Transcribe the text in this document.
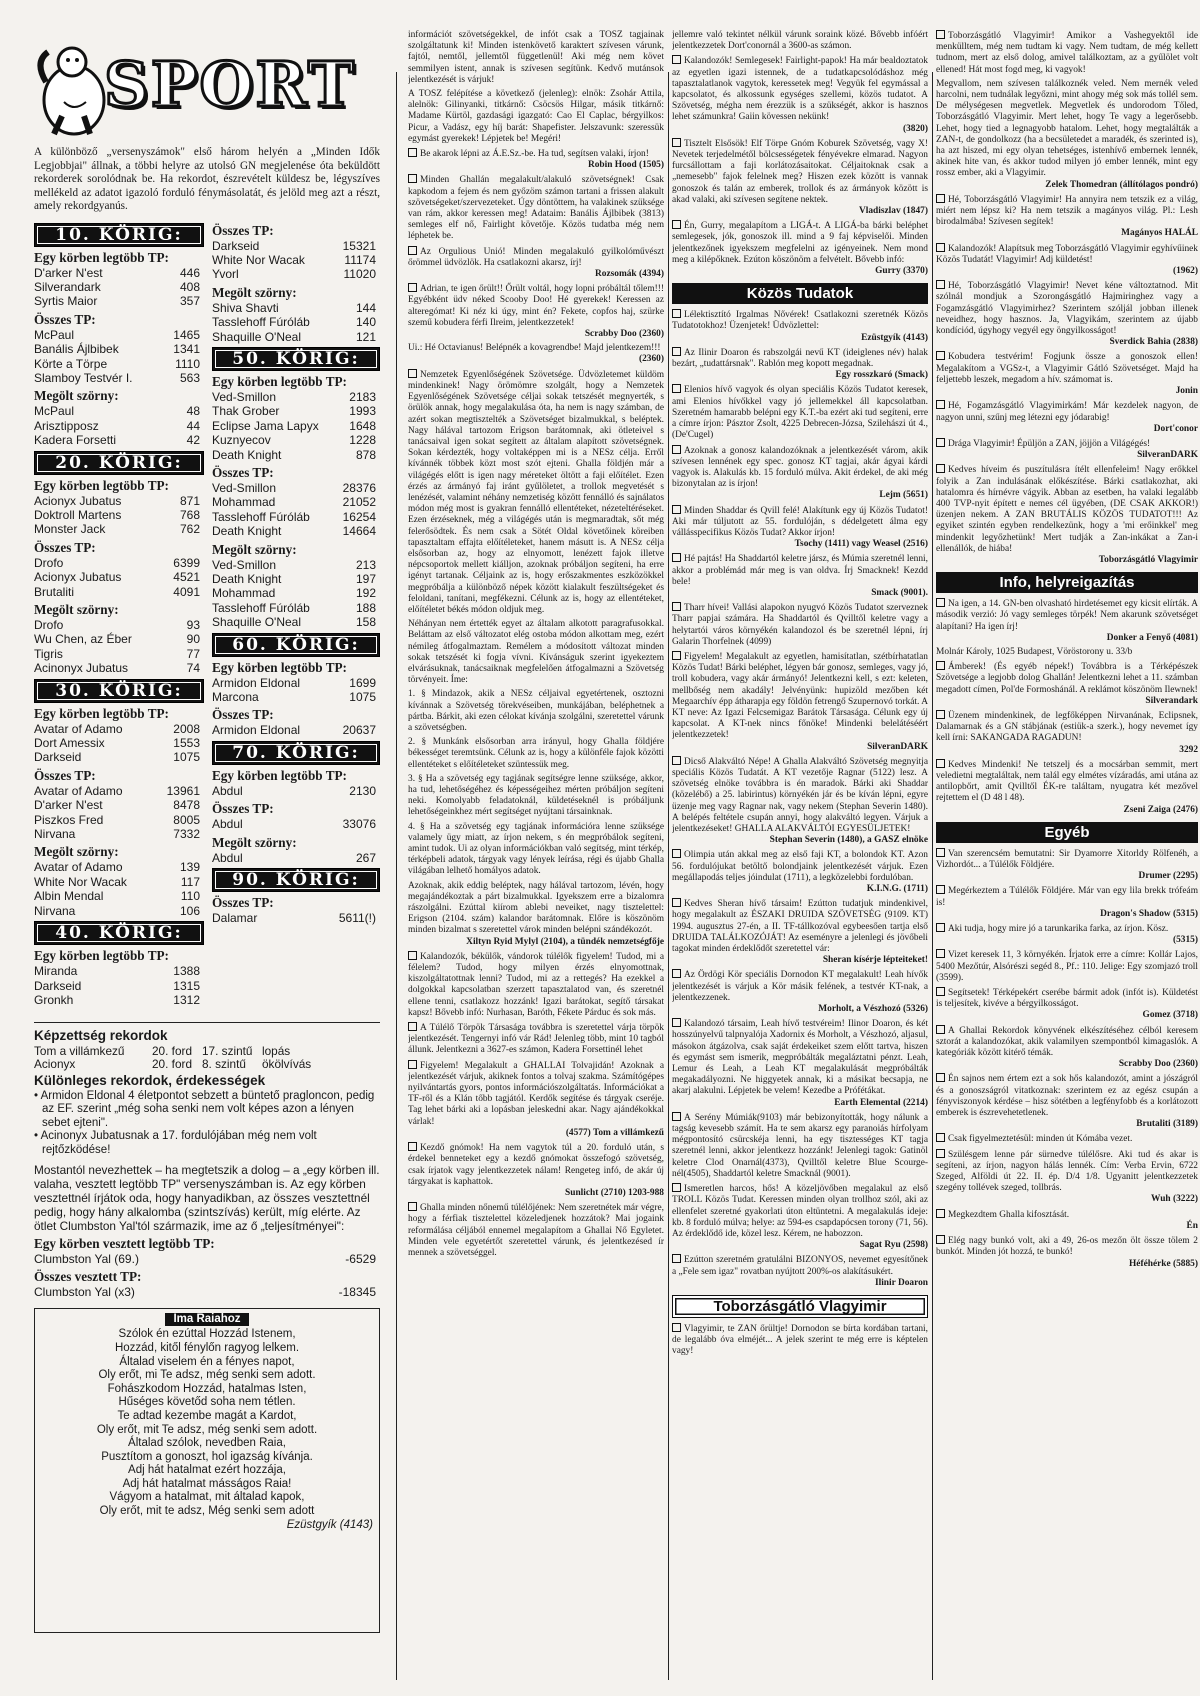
SPORT
A különböző „versenyszámok" első három helyén a „Minden Idők Legjobbjai" állnak, a többi helyre az utolsó GN megjelenése óta beküldött rekorderek sorolódnak be. Ha rekordot, észrevételt küldesz be, légyszíves mellékeld az adatot igazoló forduló fénymásolatát, és jelöld meg azt a részt, amely rekordgyanús.
10. KÖRIG:
Egy körben legtöbb TP:
D'arker N'est	446
Silverandark	408
Syrtis Maior	357
Összes TP:
McPaul	1465
Banális Ájlbibek	1341
Körte a Törpe	1110
Slamboy Testvér I.	563
Megölt szörny:
McPaul	48
Arisztipposz	44
Kadera Forsetti	42
20. KÖRIG:
Egy körben legtöbb TP:
Acionyx Jubatus	871
Doktroll Martens	768
Monster Jack	762
Összes TP:
Drofo	6399
Acionyx Jubatus	4521
Brutaliti	4091
Megölt szörny:
Drofo	93
Wu Chen, az Éber	90
Tigris	77
Acinonyx Jubatus	74
30. KÖRIG:
Egy körben legtöbb TP:
Avatar of Adamo	2008
Dort Amessix	1553
Darkseid	1075
Összes TP:
Avatar of Adamo	13961
D'arker N'est	8478
Piszkos Fred	8005
Nirvana	7332
Megölt szörny:
Avatar of Adamo	139
White Nor Wacak	117
Albin Mendal	110
Nirvana	106
40. KÖRIG:
Egy körben legtöbb TP:
Miranda	1388
Darkseid	1315
Gronkh	1312
Összes TP:
Darkseid	15321
White Nor Wacak	11174
Yvorl	11020
Megölt szörny:
Shiva Shavti	144
Tasslehoff Fúróláb	140
Shaquille O'Neal	121
50. KÖRIG:
Egy körben legtöbb TP:
Ved-Smillon	2183
Thak Grober	1993
Eclipse Jama Lapyx	1648
Kuznyecov	1228
Death Knight	878
Összes TP:
Ved-Smillon	28376
Mohammad	21052
Tasslehoff Fúróláb	16254
Death Knight	14664
Megölt szörny:
Ved-Smillon	213
Death Knight	197
Mohammad	192
Tasslehoff Fúróláb	188
Shaquille O'Neal	158
60. KÖRIG:
Egy körben legtöbb TP:
Armidon Eldonal	1699
Marcona	1075
Összes TP:
Armidon Eldonal	20637
70. KÖRIG:
Egy körben legtöbb TP:
Abdul	2130
Összes TP:
Abdul	33076
Megölt szörny:
Abdul	267
90. KÖRIG:
Összes TP:
Dalamar	5611(!)
Képzettség rekordok
Tom a villámkezű	20. ford 17. szintű lopás
Acionyx	20. ford 8. szintű	ökölvívás
Különleges rekordok, érdekességek
• Armidon Eldonal 4 életpontot sebzett a büntető pragloncon, pedig az EF. szerint „még soha senki nem volt képes azon a lényen sebet ejteni".
• Acinonyx Jubatusnak a 17. fordulójában még nem volt rejtőzködése!
Mostantól nevezhettek – ha megtetszik a dolog – a „egy körben ill. valaha, vesztett legtöbb TP" versenyszámban is. Az egy körben vesztettnél írjátok oda, hogy hanyadikban, az összes vesztettnél pedig, hogy hány alkalomba (szintszívás) került, míg elérte. Az ötlet Clumbston Yal'tól származik, ime az ő „teljesítményei":
Egy körben vesztett legtöbb TP:
Clumbston Yal (69.)	-6529
Összes vesztett TP:
Clumbston Yal (x3)	-18345
Ima Raiahoz
Szólok én ezúttal Hozzád Istenem,
Hozzád, kitől fénylőn ragyog lelkem.
Általad viselem én a fényes napot,
Oly erőt, mi Te adsz, még senki sem adott.
Fohászkodom Hozzád, hatalmas Isten,
Hűséges követőd soha nem tétlen.
Te adtad kezembe magát a Kardot,
Oly erőt, mit Te adsz, még senki sem adott.
Általad szólok, nevedben Raia,
Pusztítom a gonoszt, hol igazság kívánja.
Adj hát hatalmat ezért hozzája,
Adj hát hatalmat másságos Raia!
Vágyom a hatalmat, mit általad kapok,
Oly erőt, mit te adsz, Még senki sem adott
Ezüstgyík (4143)

információt szövetségekkel, de infót csak a TOSZ tagjainak szolgáltatunk ki! Minden istenkövető karaktert szívesen várunk, fajtól, nemtől, jellemtől függetlenül! Aki még nem követ semmilyen istent, annak is szívesen segítünk. Kedvő mutánsok jelentkezését is várjuk!

A TOSZ felépítése a következő (jelenleg): elnök: Zsohár Attila, alelnök: Gilinyanki, titkárnő: Csöcsös Hilgar, másik titkárnő: Madame Kürtöl, gazdasági igazgató: Cao El Caplac, bérgyilkos: Picur, a Vadász, egy híj barát: Shapefister. Jelszavunk: szeressük egymást gyerekek! Lépjetek be! Megéri!

Be akarok lépni az Á.E.Sz.-be. Ha tud, segítsen valaki, írjon!
Robin Hood (1505)

Minden Ghallán megalakult/alakuló szövetségnek! Csak kapkodom a fejem és nem győzöm számon tartani a frissen alakult szövetségeket/szervezeteket. Úgy döntöttem, ha valakinek szüksége van rám, akkor keressen meg! Adataim: Banális Ájlbibek (3813) semleges elf nő, Fairlight követője. Közös tudatba még nem léphetek be.

Az Orgulious Unió! Minden megalakuló gyilkolóművészt őrömmel üdvözlök. Ha csatlakozni akarsz, írj!
Rozsomák (4394)

Adrian, te igen őrült!! Őrült voltál, hogy lopni próbáltál tőlem!!! Egyébként üdv néked Scooby Doo! Hé gyerekek! Keressen az alteregómat! Ki néz ki úgy, mint én? Fekete, copfos haj, szürke szemű kobudera férfi Ilreim, jelentkezzetek!
Scrabby Doo (2360)

Ui.: Hé Octavianus! Belépnék a kovagrendbe! Majd jelentkezem!!!
(2360)

Nemzetek Egyenlőségének Szövetsége. Üdvözletemet küldöm mindenkinek! Nagy örömömre szolgált, hogy a Nemzetek Egyenlőségének Szövetsége céljai sokak tetszését megnyerték, s örülök annak, hogy megalakulása óta, ha nem is nagy számban, de azért sokan megtisztelték a Szövetséget bizalmukkal, s beléptek. Nagy hálával tartozom Erigson barátomnak, aki ötleteivel s tanácsaival igen sokat segített az általam alapított szövetségnek. Sokan kérdezték, hogy voltaképpen mi is a NESz célja. Erről kívánnék többek közt most szót ejteni. Ghalla földjén már a világégés előtt is igen nagy méreteket öltött a faji előítélet. Ezen érzés az ármányó faj iránt gyűlöletet, a trollok megvetését s lenézését, valamint néhány nemzetiség között fennálló és sajnálatos módon még most is gyakran fennálló ellentéteket, nézeteltéréseket. Ezen érzéseknek, még a világégés után is megmaradtak, sőt még felerősödtek. És nem csak a Sötét Oldal követőinek köreiben tapasztaltam effajta előítéleteket, hanem másutt is. A NESz célja elsősorban az, hogy az elnyomott, lenézett fajok illetve népcsoportok mellett kiálljon, azoknak próbáljon segíteni, ha erre igényt tartanak. Céljaink az is, hogy erőszakmentes eszközökkel megpróbálja a különböző népek között kialakult feszültségeket és feloldani, tanítani, megfékezni. Célunk az is, hogy az ellentéteket, előítéletet békés módon oldjuk meg.

Néhányan nem értették egyet az általam alkotott paragrafusokkal. Beláttam az első változatot elég ostoba módon alkottam meg, ezért némileg átfogalmaztam. Remélem a módosított változat minden sokak tetszését ki fogja vívni. Kívánságuk szerint igyekeztem elvárásuknak, tanácsaiknak megfelelően átfogalmazni a Szövetség törvényeit. Íme:

1. § Mindazok, akik a NESz céljaival egyetértenek, osztozni kívánnak a Szövetség törekvéseiben, munkájában, beléphetnek a pártba. Bárkit, aki ezen célokat kívánja szolgálni, szeretettel várunk a szövetségben.

2. § Munkánk elsősorban arra irányul, hogy Ghalla földjére békességet teremtsünk. Célunk az is, hogy a különféle fajok közötti ellentéteket s előítéleteket szüntessük meg.

3. § Ha a szövetség egy tagjának segítségre lenne szüksége, akkor, ha tud, lehetőségéhez és képességeihez mérten próbáljon segíteni neki. Komolyabb feladatoknál, küldetéseknél is próbáljunk lehetőségeinkhez mért segítséget nyújtani társainknak.

4. § Ha a szövetség egy tagjának információra lenne szüksége valamely ügy miatt, az írjon nekem, s én megpróbálok segíteni, amint tudok. Ui az olyan információkban való segítség, mint térkép, térképbeli adatok, tárgyak vagy lények leírása, régi és újabb Ghalla világában lelhető homályos adatok.

Azoknak, akik eddig beléptek, nagy hálával tartozom, lévén, hogy megajándékoztak a párt bizalmukkal. Igyekszem erre a bizalomra rászolgálni. Ezúttal kiírom ablebi neveiket, nagy tisztelettel: Erigson (2104. szám) kalandor barátomnak. Előre is köszönöm minden bizalmat s szeretettel várok minden belépni szándékozót.
Xiltyn Ryid Mylyl (2104), a tündék nemzetségfője

Kalandozók, békülők, vándorok túlélők figyelem! Tudod, mi a félelem? Tudod, hogy milyen érzés elnyomottnak, kiszolgáltatottnak lenni? Tudod, mi az a rettegés? Ha ezekkel a dolgokkal kapcsolatban szerzett tapasztalatod van, és szeretnél ellene tenni, csatlakozz hozzánk! Igazi barátokat, segítő társakat kapsz! Bővebb infó: Nurhasan, Baróth, Fékete Párduc és sok más.

A Túlélő Törpök Társasága továbbra is szeretettel várja törpök jelentkezését. Tengernyi infó vár Rád! Jelenleg több, mint 10 tagból állunk. Jelentkezni a 3627-es számon, Kadera Forsettinél lehet

Figyelem! Megalakult a GHALLAI Tolvajidán! Azoknak a jelentkezését várjuk, akiknek fontos a tolvaj szakma. Számítógépes nyilvántartás gyors, pontos információszolgáltatás. Információkat a TF-ről és a Klán tőbb tagjától. Kerdők segítése és tárgyak cseréje. Tag lehet bárki aki a lopásban jeleskedni akar. Nagy ajándékokkal várlak!
(4577) Tom a villámkezű

Kezdő gnómok! Ha nem vagytok túl a 20. forduló után, s érdekel benneteket egy a kezdő gnómokat összefogó szövetség, csak írjatok vagy jelentkezzetek nálam! Rengeteg infó, de akár új tárgyakat is kaphattok.
Sunlicht (2710) 1203-988

Ghalla minden nőnemű túlélőjének: Nem szeretnétek már végre, hogy a férfiak tisztelettel közeledjenek hozzátok? Mai jogaink reformálása céljából ennemel megalapítom a Ghallai Nő Egyletet. Minden vele egyetértőt szeretettel várunk, és jelentkezésed ír mennek a szövetséggel.

jellemre való tekintet nélkül várunk soraink közé. Bővebb infóért jelentkezzetek Dort'conornál a 3600-as számon.

Kalandozók! Semlegesek! Fairlight-papok! Ha már bealdoztatok az egyetlen igazi istennek, de a tudatkapcsolódáshoz még tapasztalatlanok vagytok, keressetek meg! Vegyük fel egymással a kapcsolatot, és alkossunk egységes szellemi, közös tudatot. A Szövetség, mégha nem érezzük is a szükségét, akkor is hasznos lehet számunkra! Gaiin kövessen nekünk!
(3820)

Tisztelt Elsősök! Elf Törpe Gnóm Koburek Szövetség, vagy X! Nevetek terjedelmétől bölcsességetek fényévekre elmarad. Nagyon furcsállottam a faji korlátozásaitokat. Céljaitoknak csak a „nemesebb" fajok felelnek meg? Hiszen ezek között is vannak gonoszok és talán az emberek, trollok és az ármányok között is akad valaki, aki szívesen segítene nektek.
Vladiszlav (1847)

Én, Gurry, megalapítom a LIGÁ-t. A LIGÁ-ba bárki beléphet semlegesek, jók, gonoszok ill. mind a 9 faj képviselői. Minden jelentkezőnek igyekszem megfelelni az igényeinek. Nem mond meg a kilépőknek. Ezúton köszönöm a felvételt. Bővebb infó:
Gurry (3370)

Közös Tudatok

Lélektisztító Irgalmas Nővérek! Csatlakozni szeretnék Közös Tudatotokhoz! Üzenjetek! Üdvözlettel:
Ezüstgyík (4143)

Az Ilinir Doaron és rabszolgái nevű KT (ideiglenes név) halak bezárt, „tudattársnak". Rablón meg kopott megadnak.
Egy rosszkaró (Smack)

Elenios hívő vagyok és olyan speciális Közös Tudatot keresek, ami Elenios hívőkkel vagy jó jellemekkel áll kapcsolatban. Szeretném hamarabb belépni egy K.T.-ba ezért aki tud segíteni, erre a címre írjon: Pásztor Zsolt, 4225 Debrecen-Józsa, Szilehászi út 4., (De'Cugel)

Azoknak a gonosz kalandozóknak a jelentkezését várom, akik szívesen lennének egy spec. gonosz KT tagjai, akár ágyai kárdi vagyok is. Alakulás kb. 15 forduló múlva. Akit érdekel, de aki még bizonytalan az is írjon!
Lejm (5651)

Minden Shaddar és Qvill felé! Alakítunk egy új Közös Tudatot! Aki már túljutott az 55. fordulóján, s dédelgetett álma egy vállásspecifikus Közös Tudat? Akkor írjon!
Tsochy (1411) vagy Weasel (2516)

Hé pajtás! Ha Shaddartól keletre jársz, és Múmia szeretnél lenni, akkor a problémád már meg is van oldva. Írj Smacknek! Kezdd bele!
Smack (9001).

Tharr hívei! Vallási alapokon nyugvó Közös Tudatot szerveznek Tharr papjai számára. Ha Shaddartól és Qvilltől keletre vagy a helytartói város környékén kalandozol és be szeretnél lépni, írj Galarin Thorfelnek (4099)

Figyelem! Megalakult az egyetlen, hamisítatlan, szétbírhatatlan Közös Tudat! Bárki beléphet, légyen bár gonosz, semleges, vagy jó, troll kobudera, vagy akár ármányó! Jelentkezni kell, s ezt: keleten, mellbőség nem akadály! Jelvényünk: hupizöld mezőben két Megaarchív épp átharapja egy földön fetrengő Szupernovó torkát. A KT neve: Az Igazi Felcsemigaz Barátok Társasága. Célunk egy új kapcsolat. A KT-nek nincs főnöke! Mindenki belelátéséért jelentkezzetek!
SilveranDARK

Dicső Alakváltó Népe! A Ghalla Alakváltó Szövetség megnyitja speciális Közös Tudatát. A KT vezetője Ragnar (5122) lesz. A szövetség elnöke továbbra is én maradok. Bárki aki Shaddar (közelébő) a 25. labirintus) környékén jár és be kíván lépni, egyre üzenje meg vagy Ragnar nak, vagy nekem (Stephan Severin 1480). A belépés feltétele csupán annyi, hogy alakváltó legyen. Várjuk a jelentkezéseket! GHALLA ALAKVÁLTÓI EGYESÜLJETEK!
Stephan Severin (1480), a GASZ elnöke

Olimpia után akkal meg az első faji KT, a bolondok KT. Azon 56. fordulójukat betöltő bolondjaink jelentkezését várjuk. Ezen megállapodás teljes jóindulat (1711), a legközelebbi fordulóban.
K.I.N.G. (1711)

Kedves Sheran hívő társaim! Ezútton tudatjuk mindenkivel, hogy megalakult az ÉSZAKI DRUIDA SZÖVETSÉG (9109. KT) 1994. augusztus 27-én, a II. TF-tállkozóval egybeesően tartja első DRUIDA TALÁLKOZÓJÁT! Az eseményre a jelenlegi és jövőbeli tagokat minden érdeklődőt szeretettel vár:
Sheran kísérje lépteiteket!

Az Ördögi Kör speciális Dornodon KT megalakult! Leah hívők jelentkezését is várjuk a Kör másik felének, a testvér KT-nak, a jelentkezzenek.
Morholt, a Vészhozó (5326)

Kalandozó társaim, Leah hívő testvéreim! Ilinor Doaron, és két hosszúnyelvű talpnyalója Xadornix és Morholt, a Vészhozó, aljasul, másokon átgázolva, csak saját érdekeiket szem előtt tartva, hiszen és egymást sem ismerik, megpróbálták megaláztatni pénzt. Leah, Lemur és Leah, a Leah KT megalakulását megpróbálták megakadályozni. Ne higgyetek annak, ki a másikat becsapja, ne akarj alakulni. Lépjetek be velem! Kezedbe a Prófétákat.
Earth Elemental (2214)

A Serény Múmiák(9103) már bebizonyították, hogy nálunk a tagság kevesebb számít. Ha te sem akarsz egy paranoiás hírfolyam mégpontosító csürcskéja lenni, ha egy tisztességes KT tagja szeretnél lenni, akkor jelentkezz hozzánk! Jelenlegi tagok: Gatinöl keletre Clod Onarnál(4373), Qvilltől keletre Blue Scourge-nél(4505), Shaddartól keletre Smacknál (9001).

Ismeretlen harcos, hős! A közeljövőben megalakul az első TROLL Közös Tudat. Keressen minden olyan trollhoz szól, aki az ellenfelet szeretné gyakorlati úton eltüntetni. A megalakulás ideje: kb. 8 forduló múlva; helye: az 594-es csapdapócsen torony (71, 56). Az érdeklődő ide, közel lesz. Kérem, ne habozzon.
Sagat Ryu (2598)

Ezútton szeretném gratulálni BIZONYOS, nevemet egyesítőnek a „Fele sem igaz" rovatban nyújtott 200%-os alakításukért.
Ilinir Doaron

Toborzásgátló Vlagyimir

Vlagyimir, te ZAN őrültje! Dornodon se bírta kordában tartani, de legalább óva elméjét... A jelek szerint te még erre is képtelen vagy!

Toborzásgátló Vlagyimir! Amikor a Vashegyektől ide menkülltem, még nem tudtam ki vagy. Nem tudtam, de még kellett tudnom, mert az első dolog, amivel találkoztam, az a gyűlölet volt ellened! Hát most fogd meg, ki vagyok!

Megvallom, nem szívesen találkoznék veled. Nem mernék veled harcolni, nem tudnálak legyőzni, mint ahogy még sok más tollél sem. De mélységesen megvetlek. Megvetlek és undorodom Tőled, Toborzásgátló Vlagyimir. Mert lehet, hogy Te vagy a legerősebb. Lehet, hogy tied a legnagyobb hatalom. Lehet, hogy megtalálták a ZAN-t, de gondolkozz (ha a becsületedet a maradék, és szerinted is), ha azt hiszed, mi egy olyan tehetséges, istenhívő embernek lennék, akinek hite van, és akkor tudod milyen jó ember lennék, mint egy rossz ember, aki a Vlagyimir.
Zelek Thomedran (állítólagos pondró)

Hé, Toborzásgátló Vlagyimir! Ha annyira nem tetszik ez a világ, miért nem lépsz ki? Ha nem tetszik a magányos világ. Pl.: Lesh birodalmába! Szívesen segítek!
Magányos HALÁL

Kalandozók! Alapítsuk meg Toborzásgátló Vlagyimir egyhívűinek Közös Tudatát! Vlagyimir! Adj küldetést!
(1962)

Hé, Toborzásgátló Vlagyimir! Nevet kéne változtatnod. Mit szólnál mondjuk a Szorongásgátló Hajmiringhez vagy a Fogamzásgátló Vlagyimirhez? Szerintem szóljál jobban illenek neveidhez, hogy hasznos. Ja, Vlagyikám, szerintem az újabb kondíciód, úgyhogy vegyél egy öngyilkosságot!
Sverdick Bahia (2838)

Kobudera testvérim! Fogjunk össze a gonoszok ellen! Megalakítom a VGSz-t, a Vlagyimir Gátló Szövetséget. Majd ha feljettebb leszek, megadom a hív. számomat is.
Jonin

Hé, Fogamzásgátló Vlagyimirkám! Már kezdelek nagyon, de nagyon unni, szűnj meg létezni egy jódarabig!
Dort'conor

Drága Vlagyimir! Épüljön a ZAN, jöjjön a Világégés!
SilveranDARK

Kedves híveim és puszítulásra ítélt ellenfeleim! Nagy erőkkel folyik a Zan indulásának előkészítése. Bárki csatlakozhat, aki hatalomra és hírnévre vágyik. Abban az esetben, ha valaki legalább 400 TVP-nyit épített e nemes cél ügyében, (DE CSAK AKKOR!) üzenjen nekem. A ZAN BRUTÁLIS KÖZÖS TUDATOT!!! Az egyiket szintén egyben rendelkezünk, hogy a 'mi erőinkkel' meg mindenkit legyőzhetünk! Mert tudják a Zan-inkákat a Zan-i ellenállók, de hiába!
Toborzásgátló Vlagyimir

Info, helyreigazítás

Na igen, a 14. GN-ben olvasható hirdetésemet egy kicsit elírták. A második verzió: Jó vagy semleges törpék! Nem akarunk szövetséget alapítani? Ha igen írj!
Donker a Fenyő (4081)

Molnár Károly, 1025 Budapest, Vöröstorony u. 33/b

Ámberek! (És egyéb népek!) Továbbra is a Térképészek Szövetsége a legjobb dolog Ghallán! Jelentkezni lehet a 11. számban megadott címen, Pol'de Formoshánál. A reklámot köszönöm Ilewnek!
Silverandark

Üzenem mindenkinek, de legfőképpen Nirvanának, Eclipsnek, Dalamarnak és a GN stábjának (estiük-a szerk.), hogy nevemet így kell írni: SAKANGADA RAGADUN!
3292

Kedves Mindenki! Ne tetszelj és a mocsárban semmit, mert veledietni megtaláltak, nem talál egy elmétes vízáradás, ami utána az antilopbőrt, amit Qvilltől ÉK-re találtam, nyugatra két mezővel rejtettem el (D 48 l 48).
Zseni Zaiga (2476)

Egyéb

Van szerencsém bemutatni: Sir Dyamorre Xitorldy Rölfenéh, a Vizhordót... a Túlélők Földjére.
Drumer (2295)

Megérkeztem a Túlélők Földjére. Már van egy lila brekk trófeám is!
Dragon's Shadow (5315)

Aki tudja, hogy mire jó a tarunkarika farka, az írjon. Kösz.
(5315)

Vizet keresek 11, 3 környékén. Írjatok erre a címre: Kollár Lajos, 5400 Mezőtúr, Alsórészi segéd 8., Pf.: 110. Jelige: Egy szomjazó troll (3599).

Segítsetek! Térképekért cserébe bármit adok (infót is). Küldetést is teljesítek, kivéve a bérgyilkosságot.
Gomez (3718)

A Ghallai Rekordok könyvének elkészítéséhez célból keresem sztorát a kalandozókat, akik valamilyen szempontból kimagaslók. A kategóriák között kitérő témák.
Scrabby Doo (2360)

Én sajnos nem értem ezt a sok hős kalandozót, amint a jószágról és a gonoszságról vitatkoznak: szerintem ez az egész csupán a fényviszonyok kérdése – hisz sötétben a legfényfobb és a korlátozott emberek is észrevehetetlenek.
Brutaliti (3189)

Csak figyelmeztetésül: minden út Kómába vezet.

Szülésgem lenne pár sürnedve túlélősre. Aki tud és akar is segíteni, az írjon, nagyon hálás lennék. Cím: Verba Ervin, 6722 Szeged, Alföldi út 22. II. ép. D/4 1/8. Ugyanitt jelentkezzetek szegény tollévek szeged, tollbrás.
Wuh (3222)

Megkezdtem Ghalla kifosztását.
Én

Elég nagy bunkó volt, aki a 49, 26-os mezőn ölt össze tölem 2 bunkót. Minden jót hozzá, te bunkó!
Héféhérke (5885)
